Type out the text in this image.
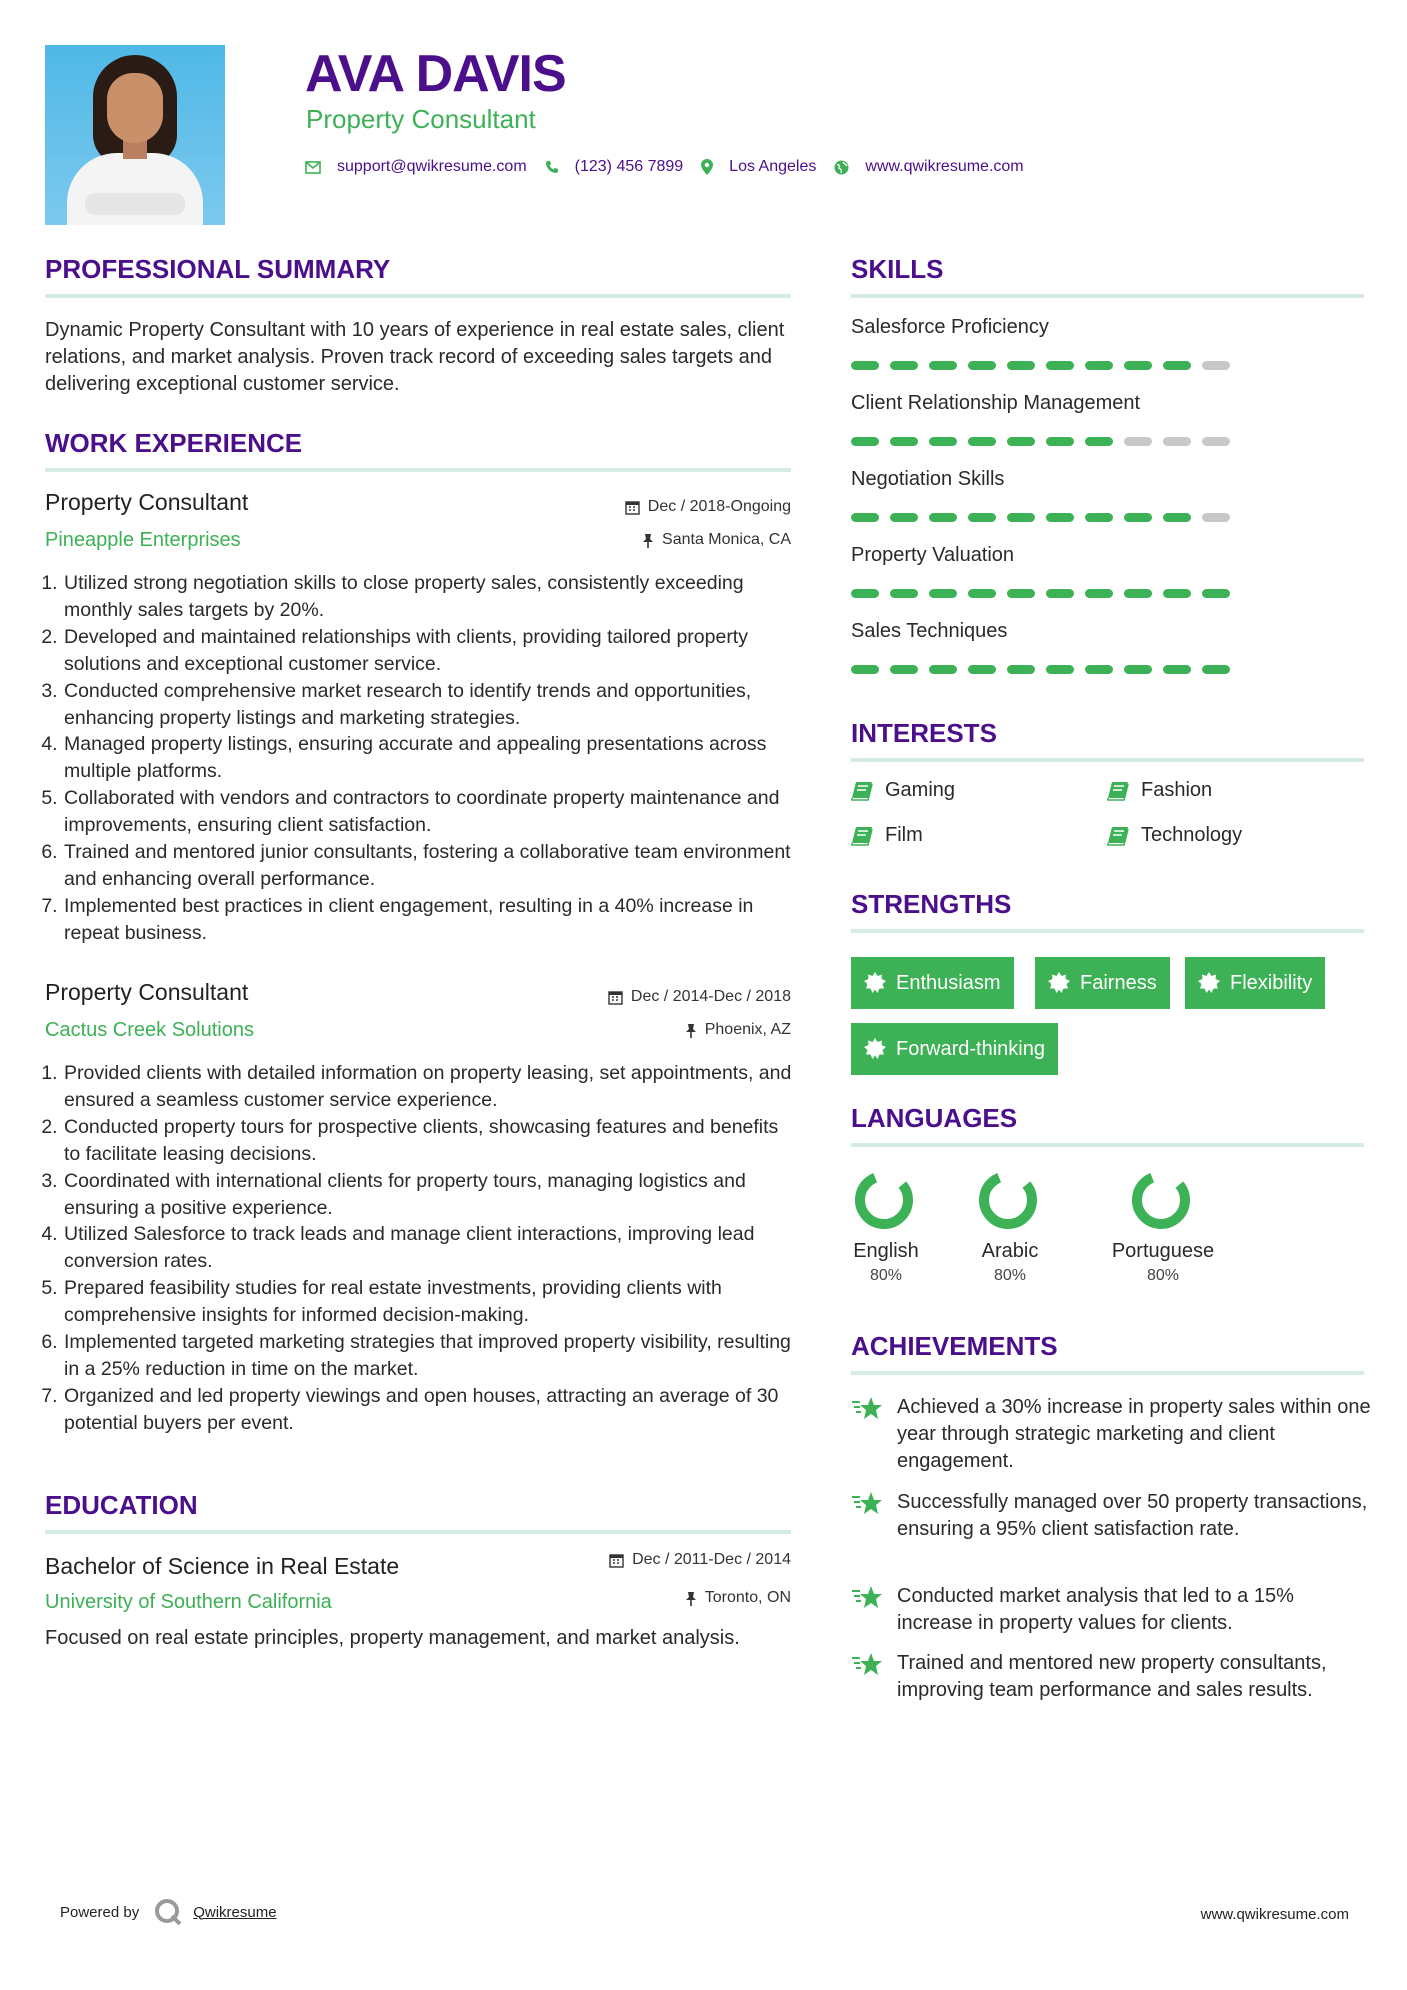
AVA DAVIS
Property Consultant
support@qwikresume.com	(123) 456 7899	Los Angeles	www.qwikresume.com
PROFESSIONAL SUMMARY
Dynamic Property Consultant with 10 years of experience in real estate sales, client relations, and market analysis. Proven track record of exceeding sales targets and delivering exceptional customer service.
WORK EXPERIENCE
Property Consultant	Dec / 2018-Ongoing
Pineapple Enterprises	Santa Monica, CA
1. Utilized strong negotiation skills to close property sales, consistently exceeding monthly sales targets by 20%.
2. Developed and maintained relationships with clients, providing tailored property solutions and exceptional customer service.
3. Conducted comprehensive market research to identify trends and opportunities, enhancing property listings and marketing strategies.
4. Managed property listings, ensuring accurate and appealing presentations across multiple platforms.
5. Collaborated with vendors and contractors to coordinate property maintenance and improvements, ensuring client satisfaction.
6. Trained and mentored junior consultants, fostering a collaborative team environment and enhancing overall performance.
7. Implemented best practices in client engagement, resulting in a 40% increase in repeat business.
Property Consultant	Dec / 2014-Dec / 2018
Cactus Creek Solutions	Phoenix, AZ
1. Provided clients with detailed information on property leasing, set appointments, and ensured a seamless customer service experience.
2. Conducted property tours for prospective clients, showcasing features and benefits to facilitate leasing decisions.
3. Coordinated with international clients for property tours, managing logistics and ensuring a positive experience.
4. Utilized Salesforce to track leads and manage client interactions, improving lead conversion rates.
5. Prepared feasibility studies for real estate investments, providing clients with comprehensive insights for informed decision-making.
6. Implemented targeted marketing strategies that improved property visibility, resulting in a 25% reduction in time on the market.
7. Organized and led property viewings and open houses, attracting an average of 30 potential buyers per event.
EDUCATION
Bachelor of Science in Real Estate	Dec / 2011-Dec / 2014
University of Southern California	Toronto, ON
Focused on real estate principles, property management, and market analysis.
SKILLS
Salesforce Proficiency
Client Relationship Management
Negotiation Skills
Property Valuation
Sales Techniques
INTERESTS
Gaming	Fashion
Film	Technology
STRENGTHS
Enthusiasm	Fairness	Flexibility
Forward-thinking
LANGUAGES
English
80%
Arabic
80%
Portuguese
80%
ACHIEVEMENTS
Achieved a 30% increase in property sales within one year through strategic marketing and client engagement.
Successfully managed over 50 property transactions, ensuring a 95% client satisfaction rate.
Conducted market analysis that led to a 15% increase in property values for clients.
Trained and mentored new property consultants, improving team performance and sales results.
Powered by	Qwikresume	www.qwikresume.com
